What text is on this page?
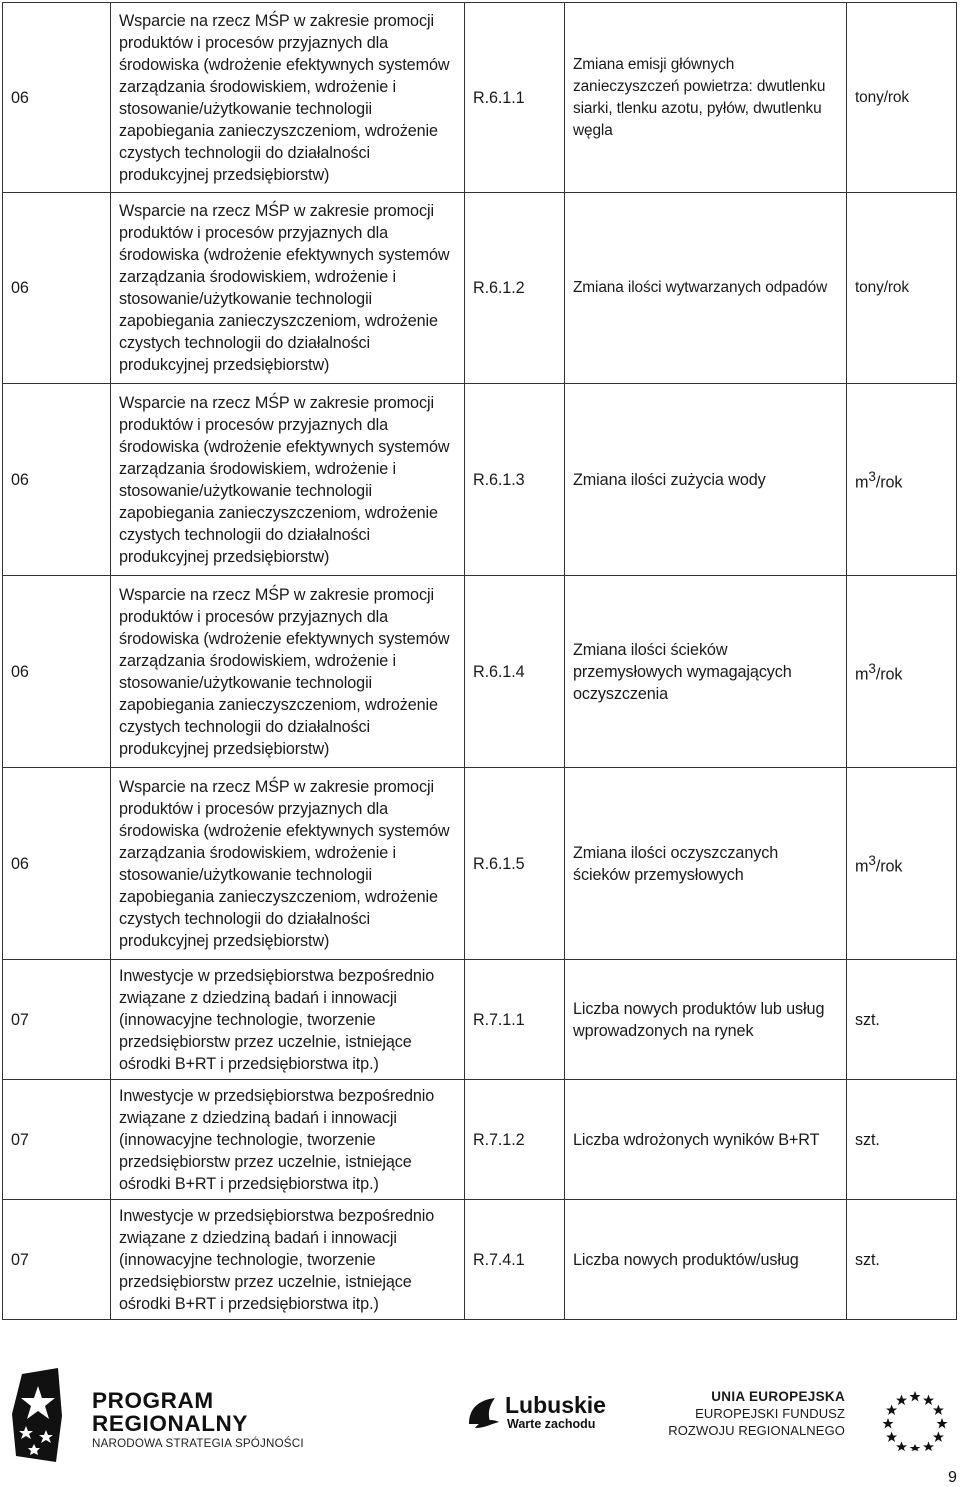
06	Wsparcie na rzecz MŚP w zakresie promocji produktów i procesów przyjaznych dla środowiska (wdrożenie efektywnych systemów zarządzania środowiskiem, wdrożenie i stosowanie/użytkowanie technologii zapobiegania zanieczyszczeniom, wdrożenie czystych technologii do działalności produkcyjnej przedsiębiorstw)	R.6.1.1	Zmiana emisji głównych zanieczyszczeń powietrza: dwutlenku siarki, tlenku azotu, pyłów, dwutlenku węgla	tony/rok
06	Wsparcie na rzecz MŚP w zakresie promocji produktów i procesów przyjaznych dla środowiska (wdrożenie efektywnych systemów zarządzania środowiskiem, wdrożenie i stosowanie/użytkowanie technologii zapobiegania zanieczyszczeniom, wdrożenie czystych technologii do działalności produkcyjnej przedsiębiorstw)	R.6.1.2	Zmiana ilości wytwarzanych odpadów	tony/rok
06	Wsparcie na rzecz MŚP w zakresie promocji produktów i procesów przyjaznych dla środowiska (wdrożenie efektywnych systemów zarządzania środowiskiem, wdrożenie i stosowanie/użytkowanie technologii zapobiegania zanieczyszczeniom, wdrożenie czystych technologii do działalności produkcyjnej przedsiębiorstw)	R.6.1.3	Zmiana ilości zużycia wody	$m^3$/rok
06	Wsparcie na rzecz MŚP w zakresie promocji produktów i procesów przyjaznych dla środowiska (wdrożenie efektywnych systemów zarządzania środowiskiem, wdrożenie i stosowanie/użytkowanie technologii zapobiegania zanieczyszczeniom, wdrożenie czystych technologii do działalności produkcyjnej przedsiębiorstw)	R.6.1.4	Zmiana ilości ścieków przemysłowych wymagających oczyszczenia	$m^3$/rok
06	Wsparcie na rzecz MŚP w zakresie promocji produktów i procesów przyjaznych dla środowiska (wdrożenie efektywnych systemów zarządzania środowiskiem, wdrożenie i stosowanie/użytkowanie technologii zapobiegania zanieczyszczeniom, wdrożenie czystych technologii do działalności produkcyjnej przedsiębiorstw)	R.6.1.5	Zmiana ilości oczyszczanych ścieków przemysłowych	$m^3$/rok
07	Inwestycje w przedsiębiorstwa bezpośrednio związane z dziedziną badań i innowacji (innowacyjne technologie, tworzenie przedsiębiorstw przez uczelnie, istniejące ośrodki B+RT i przedsiębiorstwa itp.)	R.7.1.1	Liczba nowych produktów lub usług wprowadzonych na rynek	szt.
07	Inwestycje w przedsiębiorstwa bezpośrednio związane z dziedziną badań i innowacji (innowacyjne technologie, tworzenie przedsiębiorstw przez uczelnie, istniejące ośrodki B+RT i przedsiębiorstwa itp.)	R.7.1.2	Liczba wdrożonych wyników B+RT	szt.
07	Inwestycje w przedsiębiorstwa bezpośrednio związane z dziedziną badań i innowacji (innowacyjne technologie, tworzenie przedsiębiorstw przez uczelnie, istniejące ośrodki B+RT i przedsiębiorstwa itp.)	R.7.4.1	Liczba nowych produktów/usług	szt.
PROGRAM
REGIONALNY
NARODOWA STRATEGIA SPÓJNOŚCI
Lubuskie
Warte zachodu
UNIA EUROPEJSKA
EUROPEJSKI FUNDUSZ
ROZWOJU REGIONALNEGO
9
